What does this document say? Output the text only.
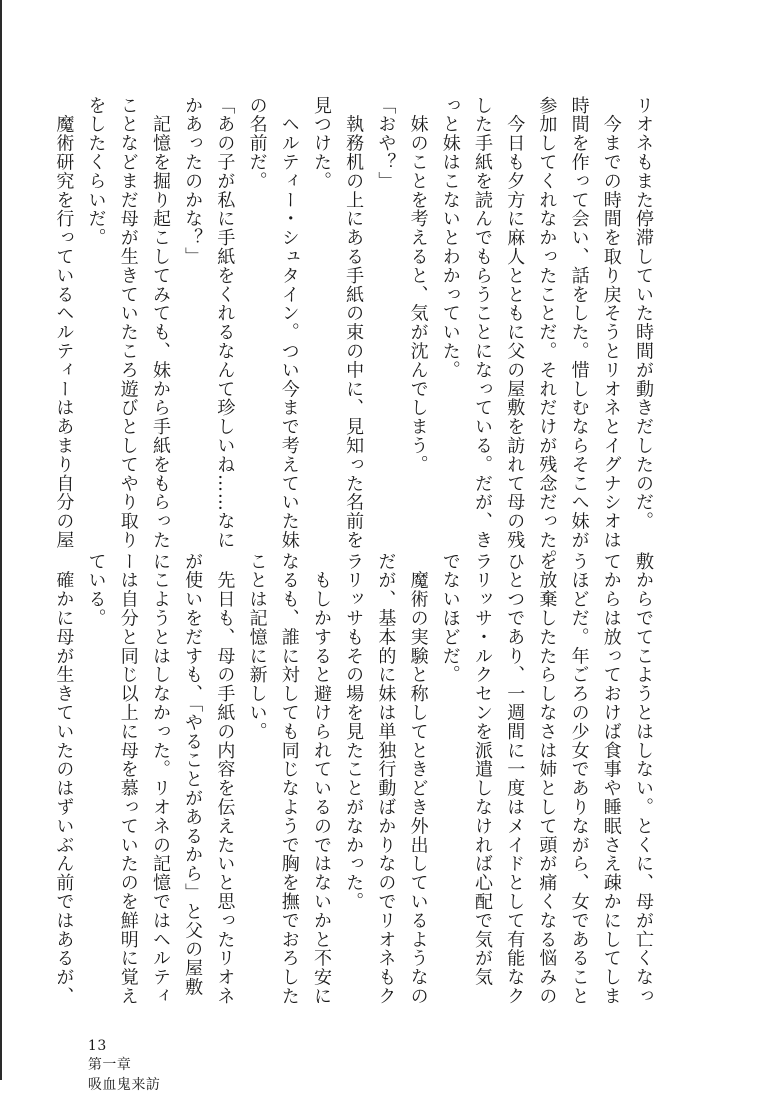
リオネもまた停滞していた時間が動きだしたのだ。
　今までの時間を取り戻そうとリオネとイグナシオは
時間を作って会い、話をした。惜しむならそこへ妹が
参加してくれなかったことだ。それだけが残念だった。
　今日も夕方に麻人とともに父の屋敷を訪れて母の残
した手紙を読んでもらうことになっている。だが、き
っと妹はこないとわかっていた。
　妹のことを考えると、気が沈んでしまう。
「おや？」
　執務机の上にある手紙の束の中に、見知った名前を
見つけた。
　ヘルティー・シュタイン。つい今まで考えていた妹
の名前だ。
「あの子が私に手紙をくれるなんて珍しいね……なに
かあったのかな？」
　記憶を掘り起こしてみても、妹から手紙をもらった
ことなどまだ母が生きていたころ遊びとしてやり取り
をしたくらいだ。
　魔術研究を行っているヘルティーはあまり自分の屋
敷からでてこようとはしない。とくに、母が亡くなっ
てからは放っておけば食事や睡眠さえ疎かにしてしま
うほどだ。年ごろの少女でありながら、女であること
を放棄したたらしなさは姉として頭が痛くなる悩みの
ひとつであり、一週間に一度はメイドとして有能なク
ラリッサ・ルクセンを派遣しなければ心配で気が気
でないほどだ。
　魔術の実験と称してときどき外出しているようなの
だが、基本的に妹は単独行動ばかりなのでリオネもク
ラリッサもその場を見たことがなかった。
　もしかすると避けられているのではないかと不安に
なるも、誰に対しても同じなようで胸を撫でおろした
ことは記憶に新しい。
　先日も、母の手紙の内容を伝えたいと思ったリオネ
が使いをだすも、「やることがあるから」と父の屋敷
にこようとはしなかった。リオネの記憶ではヘルティ
ーは自分と同じ以上に母を慕っていたのを鮮明に覚え
ている。
　確かに母が生きていたのはずいぶん前ではあるが、

13
第一章
吸血鬼来訪
